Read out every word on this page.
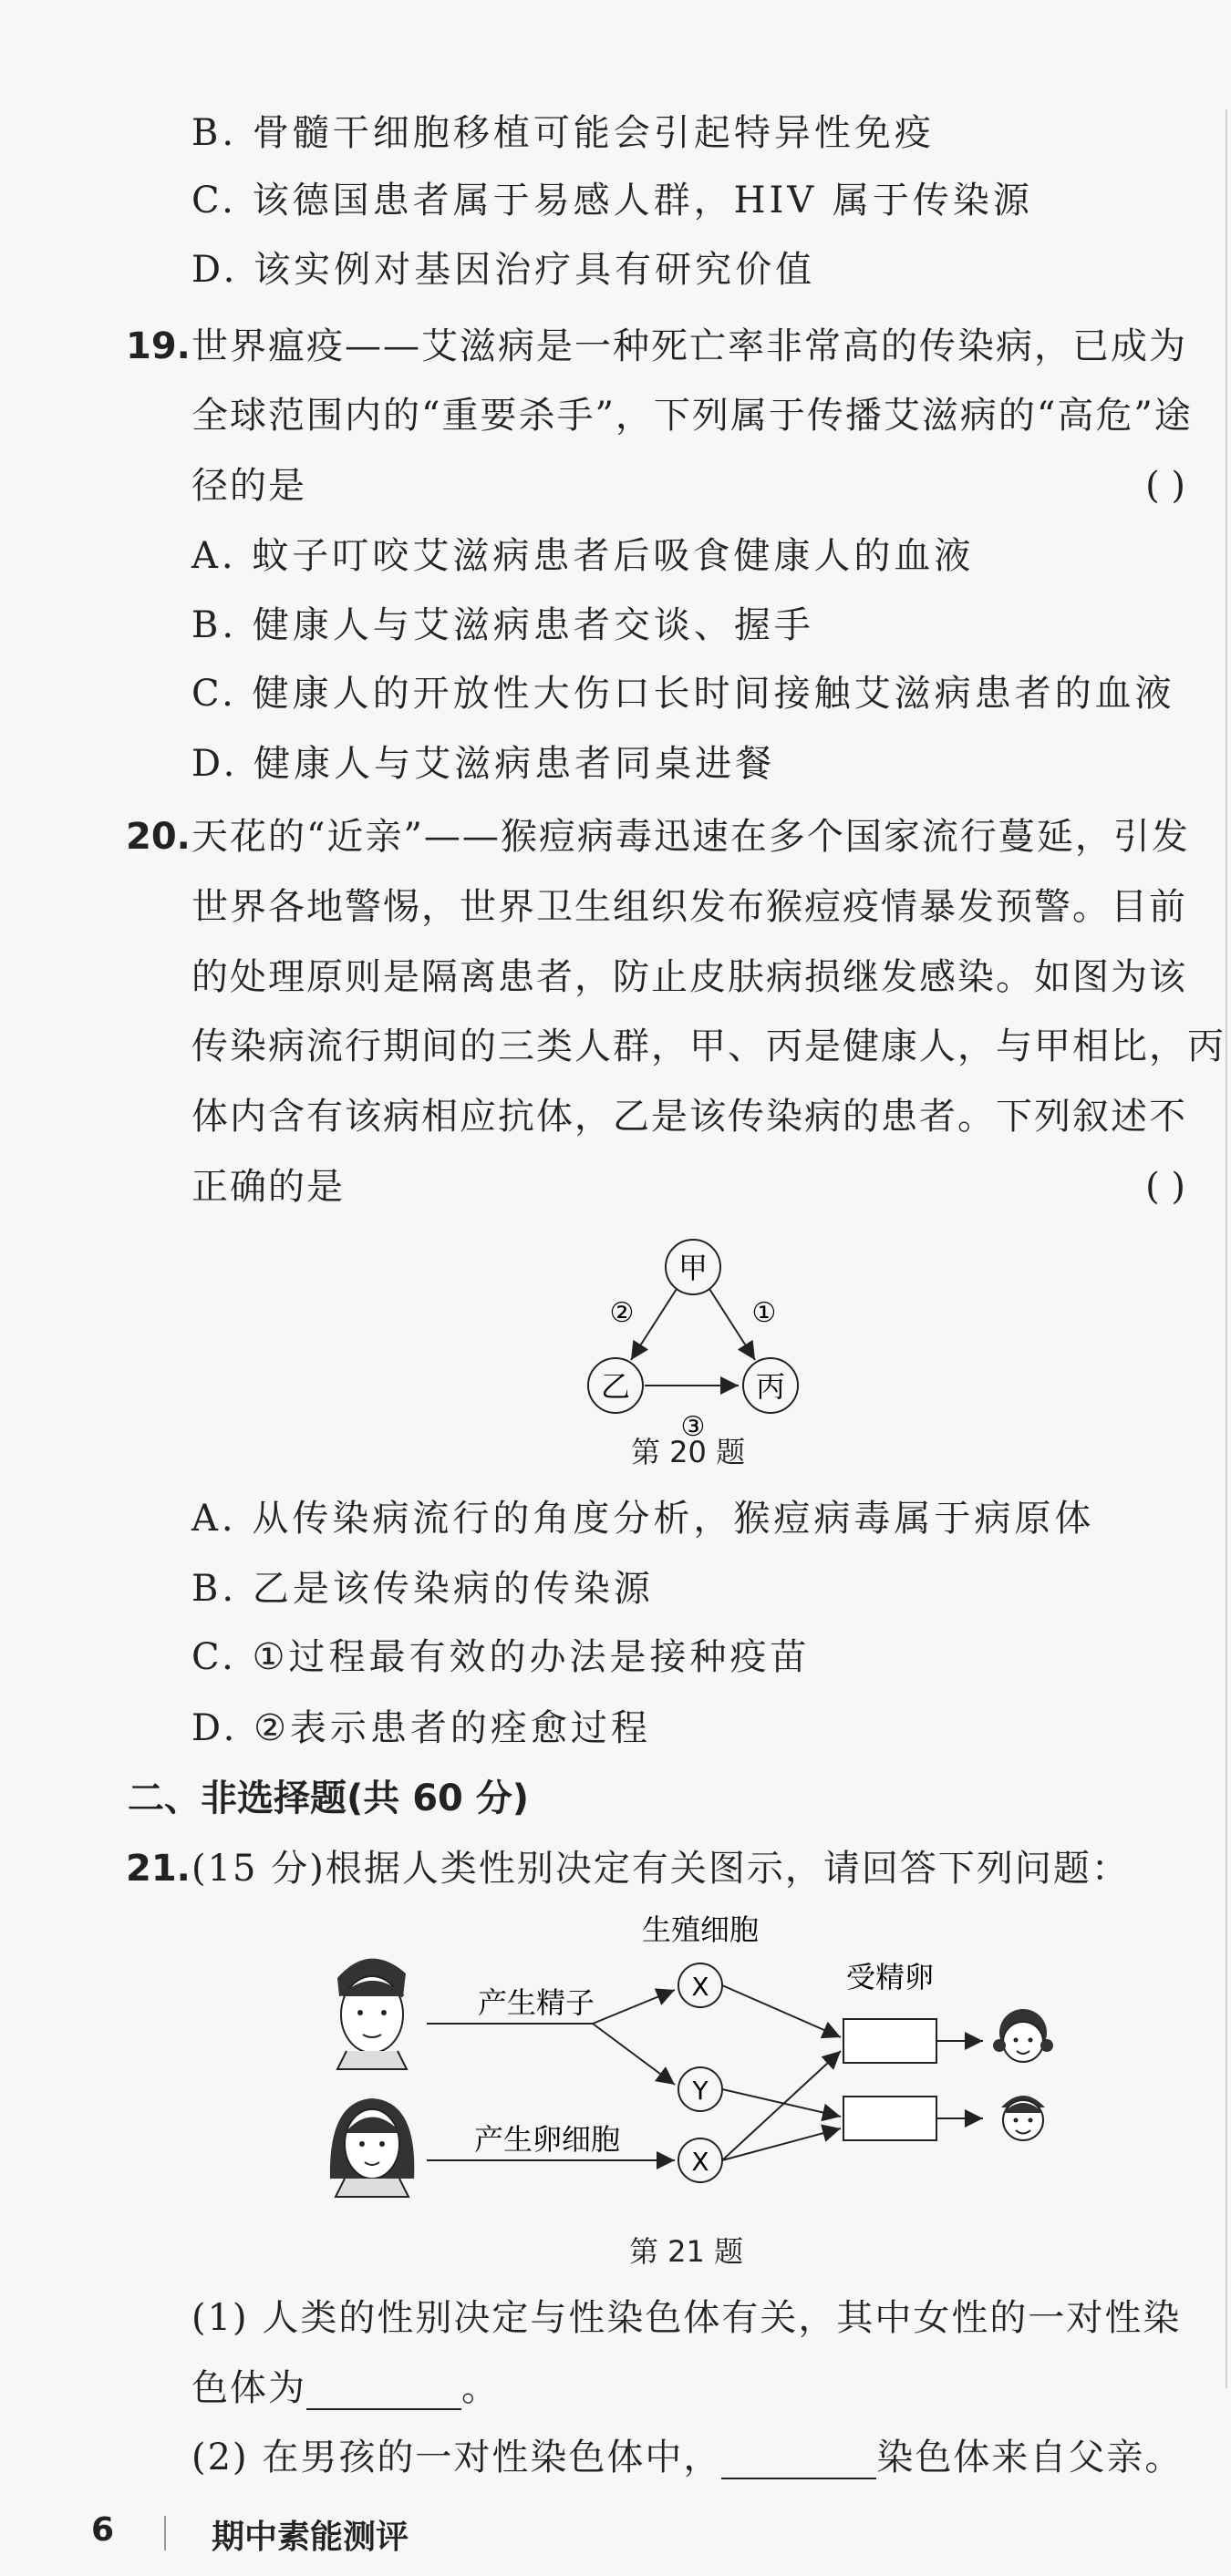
B. 骨髓干细胞移植可能会引起特异性免疫
C. 该德国患者属于易感人群，HIV 属于传染源
D. 该实例对基因治疗具有研究价值
19. 世界瘟疫——艾滋病是一种死亡率非常高的传染病，已成为
全球范围内的“重要杀手”，下列属于传播艾滋病的“高危”途
径的是	( )
A. 蚊子叮咬艾滋病患者后吸食健康人的血液
B. 健康人与艾滋病患者交谈、握手
C. 健康人的开放性大伤口长时间接触艾滋病患者的血液
D. 健康人与艾滋病患者同桌进餐
20. 天花的“近亲”——猴痘病毒迅速在多个国家流行蔓延，引发
世界各地警惕，世界卫生组织发布猴痘疫情暴发预警。目前
的处理原则是隔离患者，防止皮肤病损继发感染。如图为该
传染病流行期间的三类人群，甲、丙是健康人，与甲相比，丙
体内含有该病相应抗体，乙是该传染病的患者。下列叙述不
正确的是	( )
甲
乙	丙
②	①
③
第 20 题
A. 从传染病流行的角度分析，猴痘病毒属于病原体
B. 乙是该传染病的传染源
C. ①过程最有效的办法是接种疫苗
D. ②表示患者的痊愈过程
二、非选择题(共 60 分)
21. (15 分)根据人类性别决定有关图示，请回答下列问题：
生殖细胞
受精卵
产生精子
产生卵细胞
X
Y
X
第 21 题
(1) 人类的性别决定与性染色体有关，其中女性的一对性染
色体为	。
(2) 在男孩的一对性染色体中，	染色体来自父亲。
6	期中素能测评
